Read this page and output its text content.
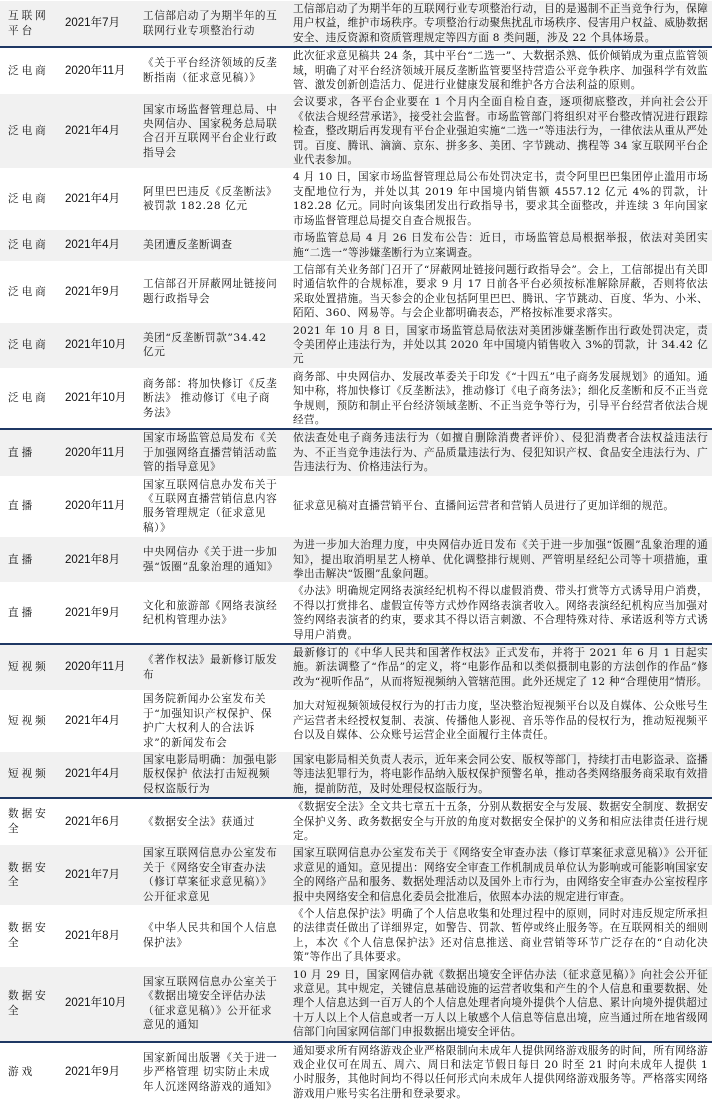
互联网平台	2021年7月	工信部启动了为期半年的互联网行业专项整治行动	工信部启动了为期半年的互联网行业专项整治行动，目的是遏制不正当竞争行为，保障用户权益，维护市场秩序。专项整治行动聚焦扰乱市场秩序、侵害用户权益、威胁数据安全、违反资源和资质管理规定等四方面 8 类问题，涉及 22 个具体场景。

泛电商	2020年11月	《关于平台经济领域的反垄断指南（征求意见稿）》	此次征求意见稿共 24 条，其中平台“二选一”、大数据杀熟、低价倾销成为重点监管领域，明确了对平台经济领域开展反垄断监管要坚持营造公平竞争秩序、加强科学有效监管、激发创新创造活力、促进行业健康发展和维护各方合法利益的原则。

泛电商	2021年4月	国家市场监督管理总局、中央网信办、国家税务总局联合召开互联网平台企业行政指导会	会议要求，各平台企业要在 1 个月内全面自检自查，逐项彻底整改，并向社会公开《依法合规经营承诺》，接受社会监督。市场监管部门将组织对平台整改情况进行跟踪检查，整改期后再发现有平台企业强迫实施“二选一”等违法行为，一律依法从重从严处罚。百度、腾讯、滴滴、京东、拼多多、美团、字节跳动、携程等 34 家互联网平台企业代表参加。

泛电商	2021年4月	阿里巴巴违反《反垄断法》被罚款 182.28 亿元	4 月 10 日，国家市场监督管理总局公布处罚决定书，责令阿里巴巴集团停止滥用市场支配地位行为，并处以其 2019 年中国境内销售额 4557.12 亿元 4%的罚款，计 182.28 亿元。同时向该集团发出行政指导书，要求其全面整改，并连续 3 年向国家市场监督管理总局提交自查合规报告。

泛电商	2021年4月	美团遭反垄断调查	市场监管总局 4 月 26 日发布公告：近日，市场监管总局根据举报，依法对美团实施“二选一”等涉嫌垄断行为立案调查。

泛电商	2021年9月	工信部召开屏蔽网址链接问题行政指导会	工信部有关业务部门召开了“屏蔽网址链接问题行政指导会”。会上，工信部提出有关即时通信软件的合规标准，要求 9 月 17 日前各平台必须按标准解除屏蔽，否则将依法采取处置措施。当天参会的企业包括阿里巴巴、腾讯、字节跳动、百度、华为、小米、陌陌、360、网易等。与会企业都明确表态，严格按标准要求落实。

泛电商	2021年10月	美团“反垄断罚款”34.42 亿元	2021 年 10 月 8 日，国家市场监管总局依法对美团涉嫌垄断作出行政处罚决定，责令美团停止违法行为，并处以其 2020 年中国境内销售收入 3%的罚款，计 34.42 亿元

泛电商	2021年10月	商务部：将加快修订《反垄断法》 推动修订《电子商务法》	商务部、中央网信办、发展改革委关于印发《“十四五”电子商务发展规划》的通知。通知中称，将加快修订《反垄断法》，推动修订《电子商务法》；细化反垄断和反不正当竞争规则，预防和制止平台经济领域垄断、不正当竞争等行为，引导平台经营者依法合规经营。

直播	2020年11月	国家市场监管总局发布《关于加强网络直播营销活动监管的指导意见》	依法查处电子商务违法行为（如擅自删除消费者评价）、侵犯消费者合法权益违法行为、不正当竞争违法行为、产品质量违法行为、侵犯知识产权、食品安全违法行为、广告违法行为、价格违法行为。

直播	2020年11月	国家互联网信息办发布关于《互联网直播营销信息内容服务管理规定（征求意见稿）》	征求意见稿对直播营销平台、直播间运营者和营销人员进行了更加详细的规范。

直播	2021年8月	中央网信办《关于进一步加强“饭圈”乱象治理的通知》	为进一步加大治理力度，中央网信办近日发布《关于进一步加强“饭圈”乱象治理的通知》，提出取消明星艺人榜单、优化调整排行规则、严管明星经纪公司等十项措施，重拳出击解决“饭圈”乱象问题。

直播	2021年9月	文化和旅游部《网络表演经纪机构管理办法》	《办法》明确规定网络表演经纪机构不得以虚假消费、带头打赏等方式诱导用户消费，不得以打赏排名、虚假宣传等方式炒作网络表演者收入。网络表演经纪机构应当加强对签约网络表演者的约束，要求其不得以语言刺激、不合理特殊对待、承诺返利等方式诱导用户消费。

短视频	2020年11月	《著作权法》最新修订版发布	最新修订的《中华人民共和国著作权法》正式发布，并将于 2021 年 6 月 1 日起实施。新法调整了“作品”的定义，将“电影作品和以类似摄制电影的方法创作的作品”修改为“视听作品”，从而将短视频纳入管辖范围。此外还规定了 12 种“合理使用”情形。

短视频	2021年4月	国务院新闻办公室发布关于“加强知识产权保护、保护广大权利人的合法诉求”的新闻发布会	加大对短视频领域侵权行为的打击力度，坚决整治短视频平台以及自媒体、公众账号生产运营者未经授权复制、表演、传播他人影视、音乐等作品的侵权行为，推动短视频平台以及自媒体、公众账号运营企业全面履行主体责任。

短视频	2021年4月	国家电影局明确：加强电影版权保护 依法打击短视频侵权盗版行为	国家电影局相关负责人表示，近年来会同公安、版权等部门，持续打击电影盗录、盗播等违法犯罪行为，将电影作品纳入版权保护预警名单，推动各类网络服务商采取有效措施，提前防范，及时处理侵权盗版行为。

数据安全	2021年6月	《数据安全法》获通过	《数据安全法》全文共七章五十五条，分别从数据安全与发展、数据安全制度、数据安全保护义务、政务数据安全与开放的角度对数据安全保护的义务和相应法律责任进行规定。

数据安全	2021年7月	国家互联网信息办公室发布关于《网络安全审查办法（修订草案征求意见稿）》公开征求意见	国家互联网信息办公室发布关于《网络安全审查办法（修订草案征求意见稿）》公开征求意见的通知。意见提出：网络安全审查工作机制成员单位认为影响或可能影响国家安全的网络产品和服务、数据处理活动以及国外上市行为，由网络安全审查办公室按程序报中央网络安全和信息化委员会批准后，依照本办法的规定进行审查。

数据安全	2021年8月	《中华人民共和国个人信息保护法》	《个人信息保护法》明确了个人信息收集和处理过程中的原则，同时对违反规定所承担的法律责任做出了详细界定，如警告、罚款、暂停或终止服务等。在互联网相关的细则上，本次《个人信息保护法》还对信息推送、商业营销等环节广泛存在的“自动化决策”等作出了具体要求。

数据安全	2021年10月	国家互联网信息办公室关于《数据出境安全评估办法（征求意见稿）》公开征求意见的通知	10 月 29 日，国家网信办就《数据出境安全评估办法（征求意见稿）》向社会公开征求意见。其中规定，关键信息基础设施的运营者收集和产生的个人信息和重要数据、处理个人信息达到一百万人的个人信息处理者向境外提供个人信息、累计向境外提供超过十万人以上个人信息或者一万人以上敏感个人信息等信息出境，应当通过所在地省级网信部门向国家网信部门申报数据出境安全评估。

游戏	2021年9月	国家新闻出版署《关于进一步严格管理 切实防止未成年人沉迷网络游戏的通知》	通知要求所有网络游戏企业严格限制向未成年人提供网络游戏服务的时间，所有网络游戏企业仅可在周五、周六、周日和法定节假日每日 20 时至 21 时向未成年人提供 1 小时服务，其他时间均不得以任何形式向未成年人提供网络游戏服务等。严格落实网络游戏用户账号实名注册和登录要求。
